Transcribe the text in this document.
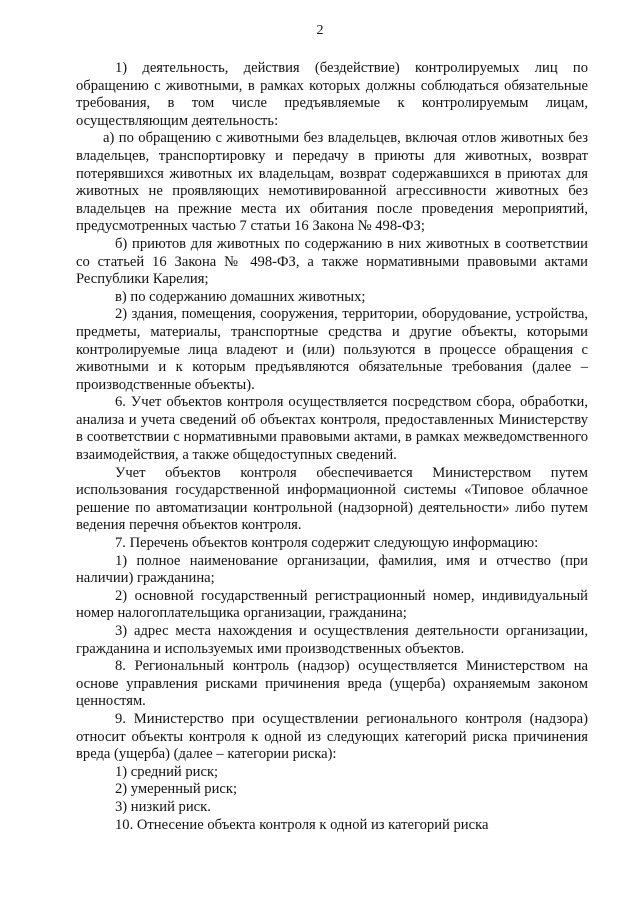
2

1) деятельность, действия (бездействие) контролируемых лиц по обращению с животными, в рамках которых должны соблюдаться обязательные требования, в том числе предъявляемые к контролируемым лицам, осуществляющим деятельность:

а) по обращению с животными без владельцев, включая отлов животных без владельцев, транспортировку и передачу в приюты для животных, возврат потерявшихся животных их владельцам, возврат содержавшихся в приютах для животных не проявляющих немотивированной агрессивности животных без владельцев на прежние места их обитания после проведения мероприятий, предусмотренных частью 7 статьи 16 Закона № 498-ФЗ;

б) приютов для животных по содержанию в них животных в соответствии со статьей 16 Закона № 498-ФЗ, а также нормативными правовыми актами Республики Карелия;

в) по содержанию домашних животных;

2) здания, помещения, сооружения, территории, оборудование, устройства, предметы, материалы, транспортные средства и другие объекты, которыми контролируемые лица владеют и (или) пользуются в процессе обращения с животными и к которым предъявляются обязательные требования (далее – производственные объекты).

6. Учет объектов контроля осуществляется посредством сбора, обработки, анализа и учета сведений об объектах контроля, предоставленных Министерству в соответствии с нормативными правовыми актами, в рамках межведомственного взаимодействия, а также общедоступных сведений.

Учет объектов контроля обеспечивается Министерством путем использования государственной информационной системы «Типовое облачное решение по автоматизации контрольной (надзорной) деятельности» либо путем ведения перечня объектов контроля.

7. Перечень объектов контроля содержит следующую информацию:

1) полное наименование организации, фамилия, имя и отчество (при наличии) гражданина;

2) основной государственный регистрационный номер, индивидуальный номер налогоплательщика организации, гражданина;

3) адрес места нахождения и осуществления деятельности организации, гражданина и используемых ими производственных объектов.

8. Региональный контроль (надзор) осуществляется Министерством на основе управления рисками причинения вреда (ущерба) охраняемым законом ценностям.

9. Министерство при осуществлении регионального контроля (надзора) относит объекты контроля к одной из следующих категорий риска причинения вреда (ущерба) (далее – категории риска):

1) средний риск;

2) умеренный риск;

3) низкий риск.

10. Отнесение объекта контроля к одной из категорий риска
